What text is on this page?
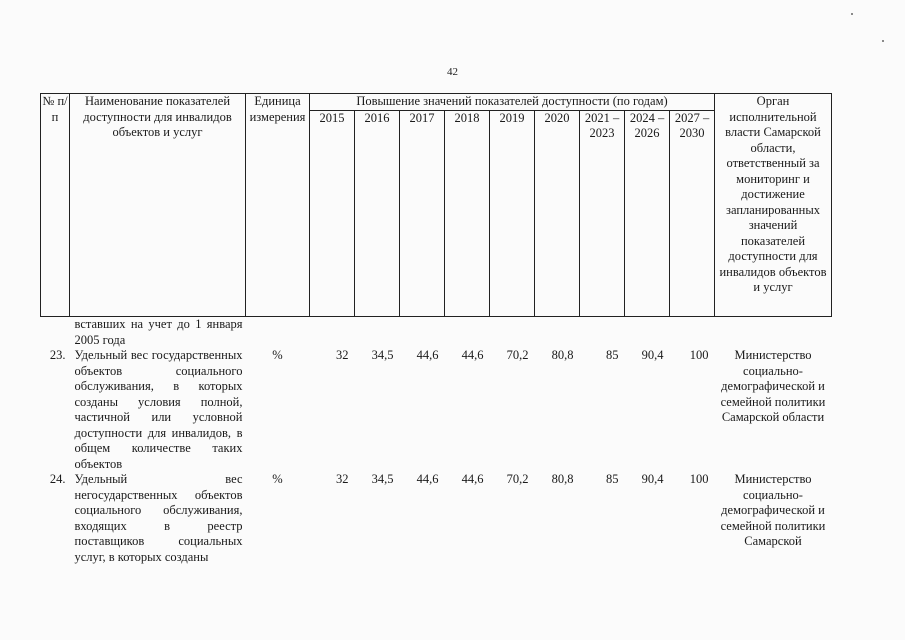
42
№ п/п	Наименование показателей доступности для инвалидов объектов и услуг	Единица измерения	Повышение значений показателей доступности (по годам)									Орган исполнительной власти Самарской области, ответственный за мониторинг и достижение запланированных значений показателей доступности для инвалидов объектов и услуг
			2015	2016	2017	2018	2019	2020	2021 – 2023	2024 – 2026	2027 – 2030	
	вставших на учет до 1 января 2005 года											
23.	Удельный вес государственных объектов социального обслуживания, в которых созданы условия полной, частичной или условной доступности для инвалидов, в общем количестве таких объектов	%	32	34,5	44,6	44,6	70,2	80,8	85	90,4	100	Министерство социально-демографической и семейной политики Самарской области
24.	Удельный вес негосударственных объектов социального обслуживания, входящих в реестр поставщиков социальных услуг, в которых созданы	%	32	34,5	44,6	44,6	70,2	80,8	85	90,4	100	Министерство социально-демографической и семейной политики Самарской
